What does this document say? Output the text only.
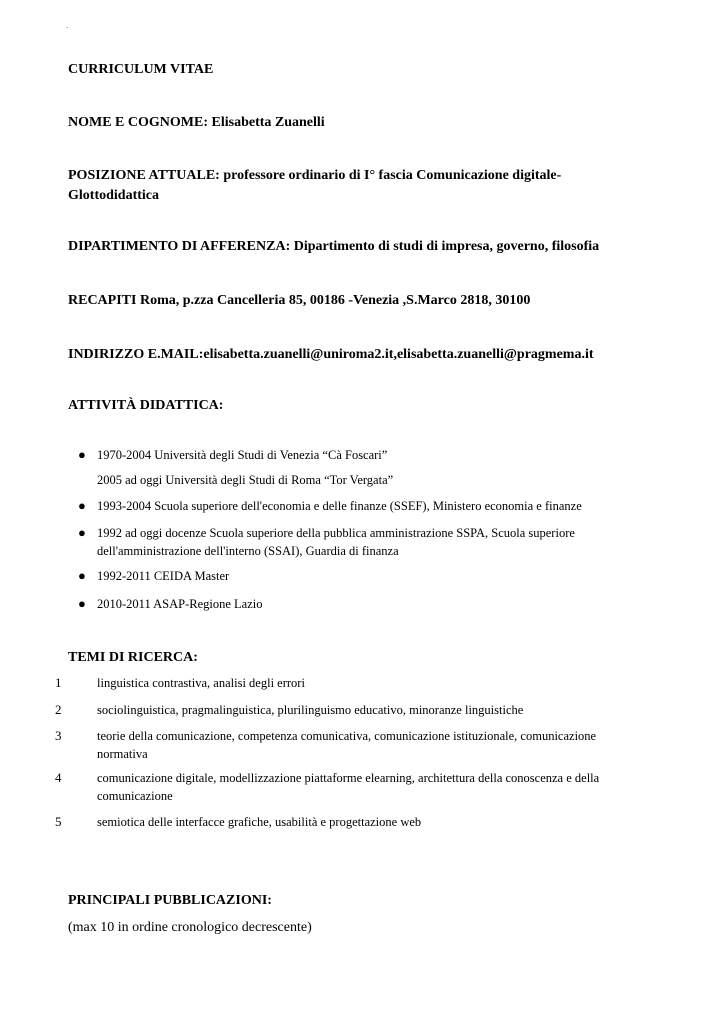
`
CURRICULUM VITAE
NOME E COGNOME: Elisabetta Zuanelli
POSIZIONE ATTUALE: professore ordinario di I° fascia Comunicazione digitale-
Glottodidattica
DIPARTIMENTO DI AFFERENZA: Dipartimento di studi di impresa, governo, filosofia
RECAPITI Roma, p.zza Cancelleria 85, 00186 -Venezia ,S.Marco 2818, 30100
INDIRIZZO E.MAIL:elisabetta.zuanelli@uniroma2.it,elisabetta.zuanelli@pragmema.it
ATTIVITÀ DIDATTICA:
● 1970-2004 Università degli Studi di Venezia “Cà Foscari”
2005 ad oggi Università degli Studi di Roma “Tor Vergata”
● 1993-2004 Scuola superiore dell'economia e delle finanze (SSEF), Ministero economia e finanze
● 1992 ad oggi docenze Scuola superiore della pubblica amministrazione SSPA, Scuola superiore
dell'amministrazione dell'interno (SSAI), Guardia di finanza
● 1992-2011 CEIDA Master
● 2010-2011 ASAP-Regione Lazio
TEMI DI RICERCA:
1	linguistica contrastiva, analisi degli errori
2	sociolinguistica, pragmalinguistica, plurilinguismo educativo, minoranze linguistiche
3	teorie della comunicazione, competenza comunicativa, comunicazione istituzionale, comunicazione
normativa
4	comunicazione digitale, modellizzazione piattaforme elearning, architettura della conoscenza e della
comunicazione
5	semiotica delle interfacce grafiche, usabilità e progettazione web
PRINCIPALI PUBBLICAZIONI:
(max 10 in ordine cronologico decrescente)
